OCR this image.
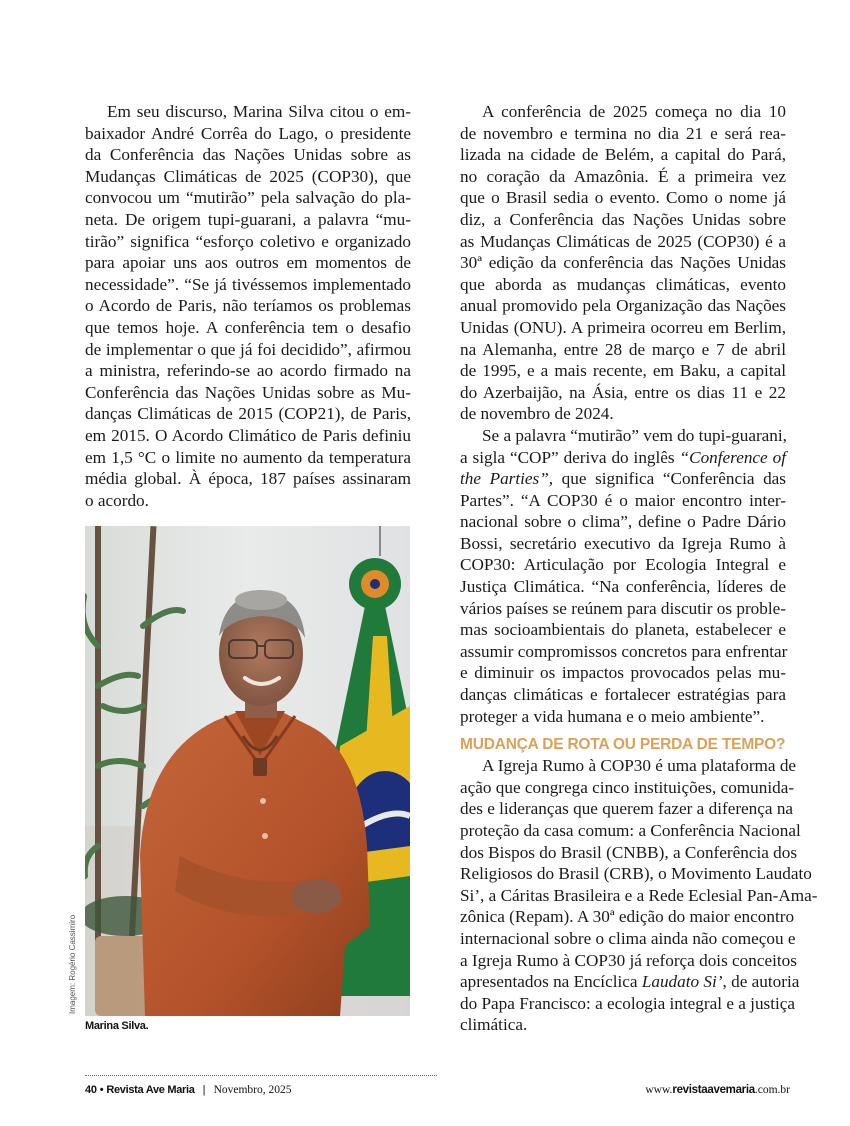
Em seu discurso, Marina Silva citou o em-
baixador André Corrêa do Lago, o presidente
da Conferência das Nações Unidas sobre as
Mudanças Climáticas de 2025 (COP30), que
convocou um “mutirão” pela salvação do pla-
neta. De origem tupi-guarani, a palavra “mu-
tirão” significa “esforço coletivo e organizado
para apoiar uns aos outros em momentos de
necessidade”. “Se já tivéssemos implementado
o Acordo de Paris, não teríamos os problemas
que temos hoje. A conferência tem o desafio
de implementar o que já foi decidido”, afirmou
a ministra, referindo-se ao acordo firmado na
Conferência das Nações Unidas sobre as Mu-
danças Climáticas de 2015 (COP21), de Paris,
em 2015. O Acordo Climático de Paris definiu
em 1,5 °C o limite no aumento da temperatura
média global. À época, 187 países assinaram
o acordo.
Imagem: Rogério Cassimiro
Marina Silva.
A conferência de 2025 começa no dia 10
de novembro e termina no dia 21 e será rea-
lizada na cidade de Belém, a capital do Pará,
no coração da Amazônia. É a primeira vez
que o Brasil sedia o evento. Como o nome já
diz, a Conferência das Nações Unidas sobre
as Mudanças Climáticas de 2025 (COP30) é a
30ª edição da conferência das Nações Unidas
que aborda as mudanças climáticas, evento
anual promovido pela Organização das Nações
Unidas (ONU). A primeira ocorreu em Berlim,
na Alemanha, entre 28 de março e 7 de abril
de 1995, e a mais recente, em Baku, a capital
do Azerbaijão, na Ásia, entre os dias 11 e 22
de novembro de 2024.
Se a palavra “mutirão” vem do tupi-guarani,
a sigla “COP” deriva do inglês “Conference of
the Parties”, que significa “Conferência das
Partes”. “A COP30 é o maior encontro inter-
nacional sobre o clima”, define o Padre Dário
Bossi, secretário executivo da Igreja Rumo à
COP30: Articulação por Ecologia Integral e
Justiça Climática. “Na conferência, líderes de
vários países se reúnem para discutir os proble-
mas socioambientais do planeta, estabelecer e
assumir compromissos concretos para enfrentar
e diminuir os impactos provocados pelas mu-
danças climáticas e fortalecer estratégias para
proteger a vida humana e o meio ambiente”.
MUDANÇA DE ROTA OU PERDA DE TEMPO?
A Igreja Rumo à COP30 é uma plataforma de
ação que congrega cinco instituições, comunida-
des e lideranças que querem fazer a diferença na
proteção da casa comum: a Conferência Nacional
dos Bispos do Brasil (CNBB), a Conferência dos
Religiosos do Brasil (CRB), o Movimento Laudato
Si’, a Cáritas Brasileira e a Rede Eclesial Pan-Ama-
zônica (Repam). A 30ª edição do maior encontro
internacional sobre o clima ainda não começou e
a Igreja Rumo à COP30 já reforça dois conceitos
apresentados na Encíclica Laudato Si’, de autoria
do Papa Francisco: a ecologia integral e a justiça
climática.
40 • Revista Ave Maria | Novembro, 2025	www.revistaavemaria.com.br
